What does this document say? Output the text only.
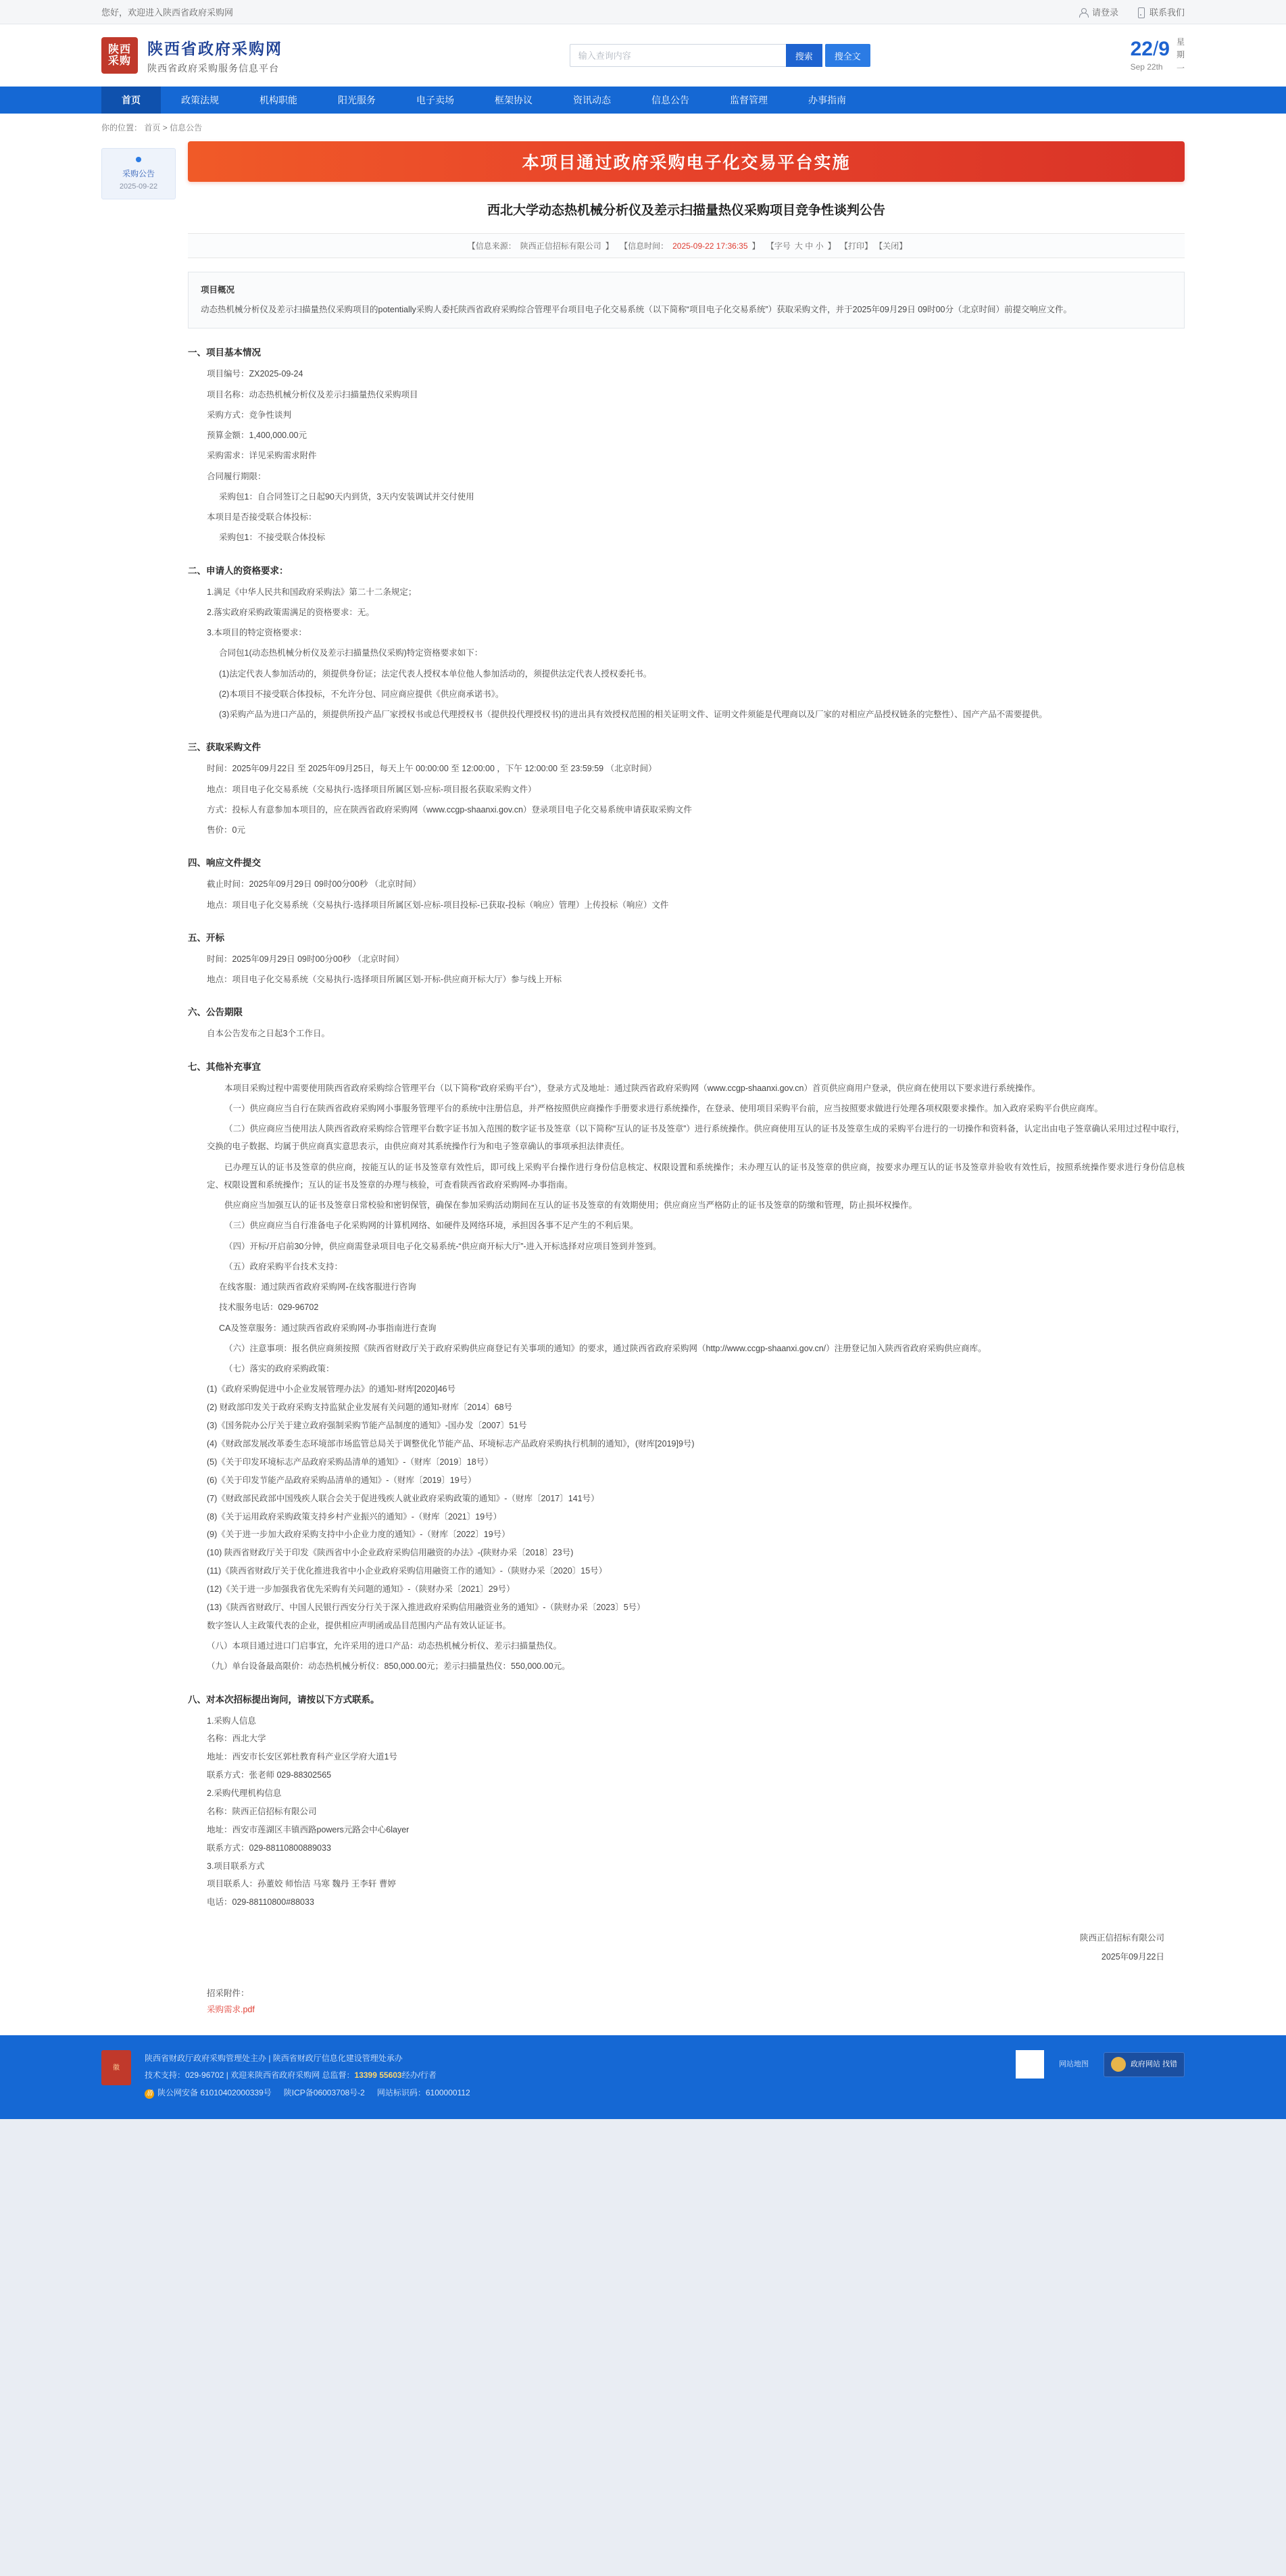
您好，欢迎进入陕西省政府采购网	请登录	联系我们
陕西
采购
陕西省政府采购网
陕西省政府采购服务信息平台
输入查询内容
搜索	搜全文	22/9
Sep 22th
星
期
一
首页	政策法规	机构职能	阳光服务	电子卖场	框架协议	资讯动态	信息公告	监督管理	办事指南
你的位置： 首页 > 信息公告
采购公告
2025-09-22
本项目通过政府采购电子化交易平台实施
西北大学动态热机械分析仪及差示扫描量热仪采购项目竞争性谈判公告
【信息来源： 陕西正信招标有限公司 】 【信息时间： 2025-09-22 17:36:35 】 【字号 大 中 小 】 【打印】 【关闭】
项目概况
动态热机械分析仪及差示扫描量热仪采购项目的potentially采购人委托陕西省政府采购综合管理平台项目电子化交易系统（以下简称“项目电子化交易系统”）获取采购文件，并于2025年09月29日 09时00分（北京时间）前提交响应文件。
一、项目基本情况

项目编号：ZX2025-09-24

项目名称：动态热机械分析仪及差示扫描量热仪采购项目

采购方式：竞争性谈判

预算金额：1,400,000.00元

采购需求：详见采购需求附件

合同履行期限：

采购包1：自合同签订之日起90天内到货，3天内安装调试并交付使用

本项目是否接受联合体投标：

采购包1：不接受联合体投标

二、申请人的资格要求：

1.满足《中华人民共和国政府采购法》第二十二条规定；

2.落实政府采购政策需满足的资格要求：无。

3.本项目的特定资格要求：

合同包1(动态热机械分析仪及差示扫描量热仪采购)特定资格要求如下：

(1)法定代表人参加活动的，须提供身份证；法定代表人授权本单位他人参加活动的，须提供法定代表人授权委托书。

(2)本项目不接受联合体投标，不允许分包、同应商应提供《供应商承诺书》。

(3)采购产品为进口产品的，须提供所投产品厂家授权书或总代理授权书（提供投代理授权书)的进出具有效授权范围的相关证明文件、证明文件须能是代理商以及厂家的对相应产品授权链条的完整性）、国产产品不需要提供。

三、获取采购文件

时间：2025年09月22日 至 2025年09月25日，每天上午 00:00:00 至 12:00:00 ，下午 12:00:00 至 23:59:59 （北京时间）

地点：项目电子化交易系统（交易执行-选择项目所属区划-应标-项目报名获取采购文件）

方式：投标人有意参加本项目的，应在陕西省政府采购网（www.ccgp-shaanxi.gov.cn）登录项目电子化交易系统申请获取采购文件

售价：0元

四、响应文件提交

截止时间：2025年09月29日 09时00分00秒 （北京时间）

地点：项目电子化交易系统（交易执行-选择项目所属区划-应标-项目投标-已获取-投标（响应）管理）上传投标（响应）文件

五、开标

时间：2025年09月29日 09时00分00秒 （北京时间）

地点：项目电子化交易系统（交易执行-选择项目所属区划-开标-供应商开标大厅）参与线上开标

六、公告期限

自本公告发布之日起3个工作日。

七、其他补充事宜

本项目采购过程中需要使用陕西省政府采购综合管理平台（以下简称“政府采购平台”），登录方式及地址：通过陕西省政府采购网（www.ccgp-shaanxi.gov.cn）首页供应商用户登录，供应商在使用以下要求进行系统操作。

（一）供应商应当自行在陕西省政府采购网小事服务管理平台的系统中注册信息，并严格按照供应商操作手册要求进行系统操作，在登录、使用项目采购平台前，应当按照要求做进行处理各项权限要求操作。加入政府采购平台供应商库。

（二）供应商应当使用法人陕西省政府采购综合管理平台数字证书加入范围的数字证书及签章（以下简称“互认的证书及签章”）进行系统操作。供应商使用互认的证书及签章生成的采购平台进行的一切操作和资料备，认定出由电子签章确认采用过过程中取行，交换的电子数据、均属于供应商真实意思表示，由供应商对其系统操作行为和电子签章确认的事项承担法律责任。

已办理互认的证书及签章的供应商，按能互认的证书及签章有效性后，即可线上采购平台操作进行身份信息核定、权限设置和系统操作；未办理互认的证书及签章的供应商，按要求办理互认的证书及签章并验收有效性后，按照系统操作要求进行身份信息核定、权限设置和系统操作；互认的证书及签章的办理与核验，可查看陕西省政府采购网-办事指南。

供应商应当加强互认的证书及签章日常校验和密钥保管，确保在参加采购活动期间在互认的证书及签章的有效期使用；供应商应当严格防止的证书及签章的防缴和管理，防止损坏权操作。

（三）供应商应当自行准备电子化采购网的计算机网络、如硬件及网络环境，承担因各事不足产生的不利后果。

（四）开标/开启前30分钟，供应商需登录项目电子化交易系统-“供应商开标大厅”-进入开标选择对应项目签到并签到。

（五）政府采购平台技术支持：

在线客服：通过陕西省政府采购网-在线客服进行咨询

技术服务电话：029-96702

CA及签章服务：通过陕西省政府采购网-办事指南进行查询

（六）注意事项：报名供应商须按照《陕西省财政厅关于政府采购供应商登记有关事项的通知》的要求，通过陕西省政府采购网（http://www.ccgp-shaanxi.gov.cn/）注册登记加入陕西省政府采购供应商库。

（七）落实的政府采购政策：

(1)《政府采购促进中小企业发展管理办法》的通知-财库[2020]46号

(2) 财政部印发关于政府采购支持监狱企业发展有关问题的通知-财库〔2014〕68号

(3)《国务院办公厅关于建立政府强制采购节能产品制度的通知》-国办发〔2007〕51号

(4)《财政部发展改革委生态环境部市场监管总局关于调整优化节能产品、环境标志产品政府采购执行机制的通知》，(财库[2019]9号)

(5)《关于印发环境标志产品政府采购品清单的通知》-（财库〔2019〕18号）

(6)《关于印发节能产品政府采购品清单的通知》-（财库〔2019〕19号）

(7)《财政部民政部中国残疾人联合会关于促进残疾人就业政府采购政策的通知》-（财库〔2017〕141号）

(8)《关于运用政府采购政策支持乡村产业振兴的通知》-（财库〔2021〕19号）

(9)《关于进一步加大政府采购支持中小企业力度的通知》-（财库〔2022〕19号）

(10) 陕西省财政厅关于印发《陕西省中小企业政府采购信用融资的办法》-(陕财办采〔2018〕23号)

(11)《陕西省财政厅关于优化推进我省中小企业政府采购信用融资工作的通知》-（陕财办采〔2020〕15号）

(12)《关于进一步加强我省优先采购有关问题的通知》-（陕财办采〔2021〕29号）

(13)《陕西省财政厅、中国人民银行西安分行关于深入推进政府采购信用融资业务的通知》-（陕财办采〔2023〕5号）

数字签认人主政策代表的企业，提供相应声明函或品目范围内产品有效认证证书。

（八）本项目通过进口门启事宜，允许采用的进口产品：动态热机械分析仪、差示扫描量热仪。

（九）单台设备最高限价：动态热机械分析仪：850,000.00元；差示扫描量热仪：550,000.00元。

八、对本次招标提出询问，请按以下方式联系。

1.采购人信息

名称：西北大学

地址：西安市长安区郭杜教育科产业区学府大道1号

联系方式：张老师 029-88302565

2.采购代理机构信息

名称：陕西正信招标有限公司

地址：西安市莲湖区丰镇西路powers元路会中心6layer

联系方式：029-88110800889033

3.项目联系方式

项目联系人：孙董姣 师怡洁 马寒 魏丹 王李轩 曹婷

电话：029-88110800#88033

陕西正信招标有限公司
2025年09月22日
招采附件：
采购需求.pdf
徽
陕西省财政厅政府采购管理处主办 | 陕西省财政厅信息化建设管理处承办
技术支持：029-96702 | 欢迎来陕西省政府采购网 总监督：13399 55603经办/行者
盾 陕公网安备 61010402000339号 陕ICP备06003708号-2 网站标识码：6100000112
网站地图	政府网站 找错
